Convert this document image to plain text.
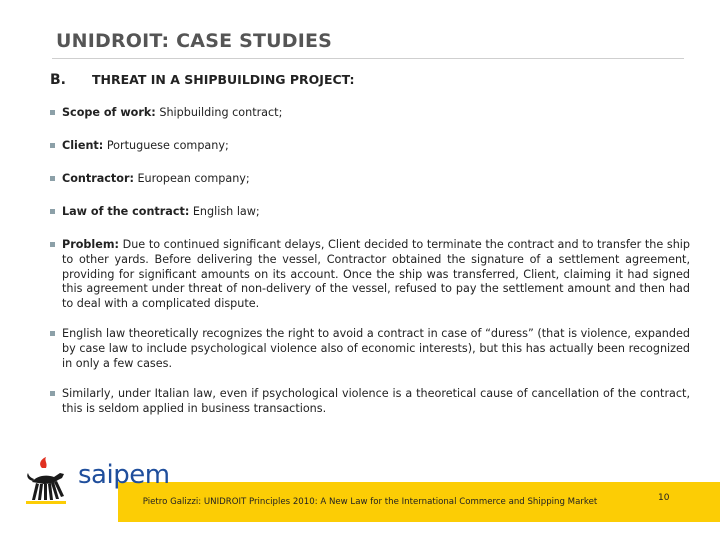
UNIDROIT: CASE STUDIES
B. THREAT IN A SHIPBUILDING PROJECT:
Scope of work: Shipbuilding contract;
Client: Portuguese company;
Contractor: European company;
Law of the contract: English law;
Problem: Due to continued significant delays, Client decided to terminate the contract and to transfer the ship to other yards. Before delivering the vessel, Contractor obtained the signature of a settlement agreement, providing for significant amounts on its account. Once the ship was transferred, Client, claiming it had signed this agreement under threat of non-delivery of the vessel, refused to pay the settlement amount and then had to deal with a complicated dispute.
English law theoretically recognizes the right to avoid a contract in case of “duress” (that is violence, expanded by case law to include psychological violence also of economic interests), but this has actually been recognized in only a few cases.
Similarly, under Italian law, even if psychological violence is a theoretical cause of cancellation of the contract, this is seldom applied in business transactions.
Pietro Galizzi: UNIDROIT Principles 2010: A New Law for the International Commerce and Shipping Market	10
saipem
